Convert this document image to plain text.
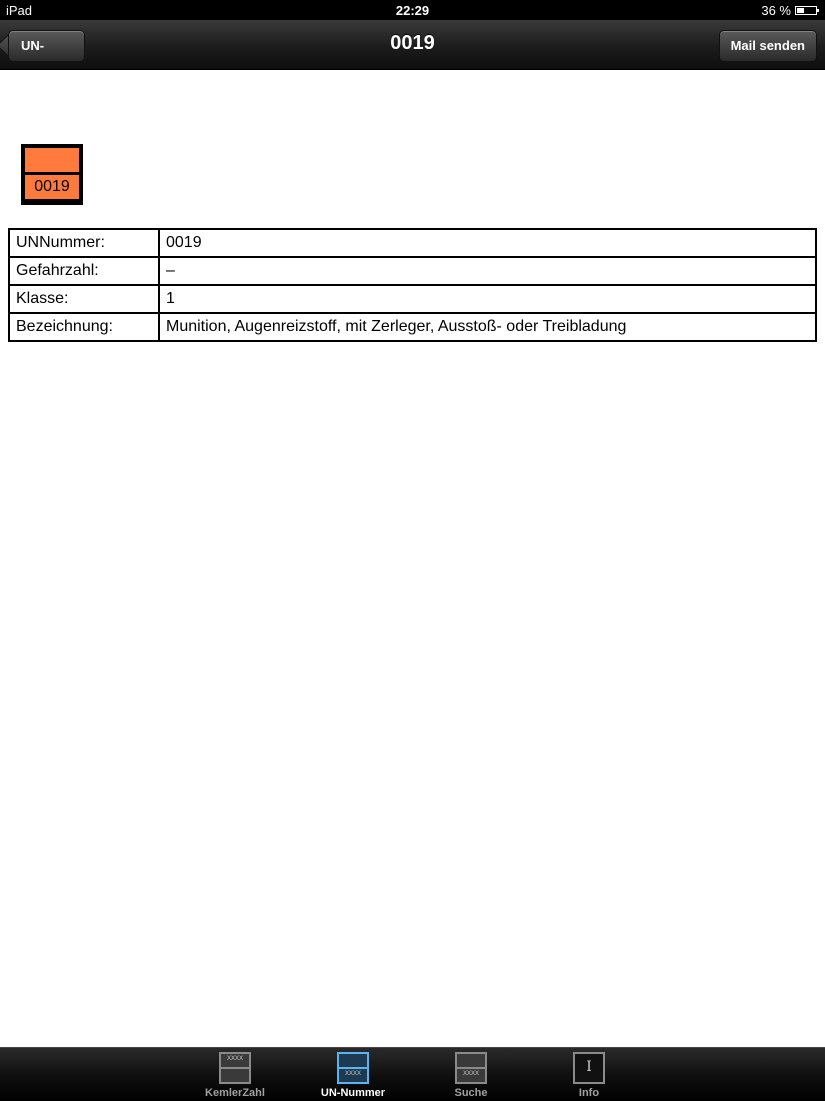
iPad	22:29	36 %
UN-Nummer
0019	Mail senden
0019
UNNummer:	0019
Gefahrzahl:	–
Klasse:	1
Bezeichnung:	Munition, Augenreizstoff, mit Zerleger, Ausstoß- oder Treibladung
XXXX
KemlerZahl
XXXX
UN-Nummer
XXXX
Suche
I
Info
